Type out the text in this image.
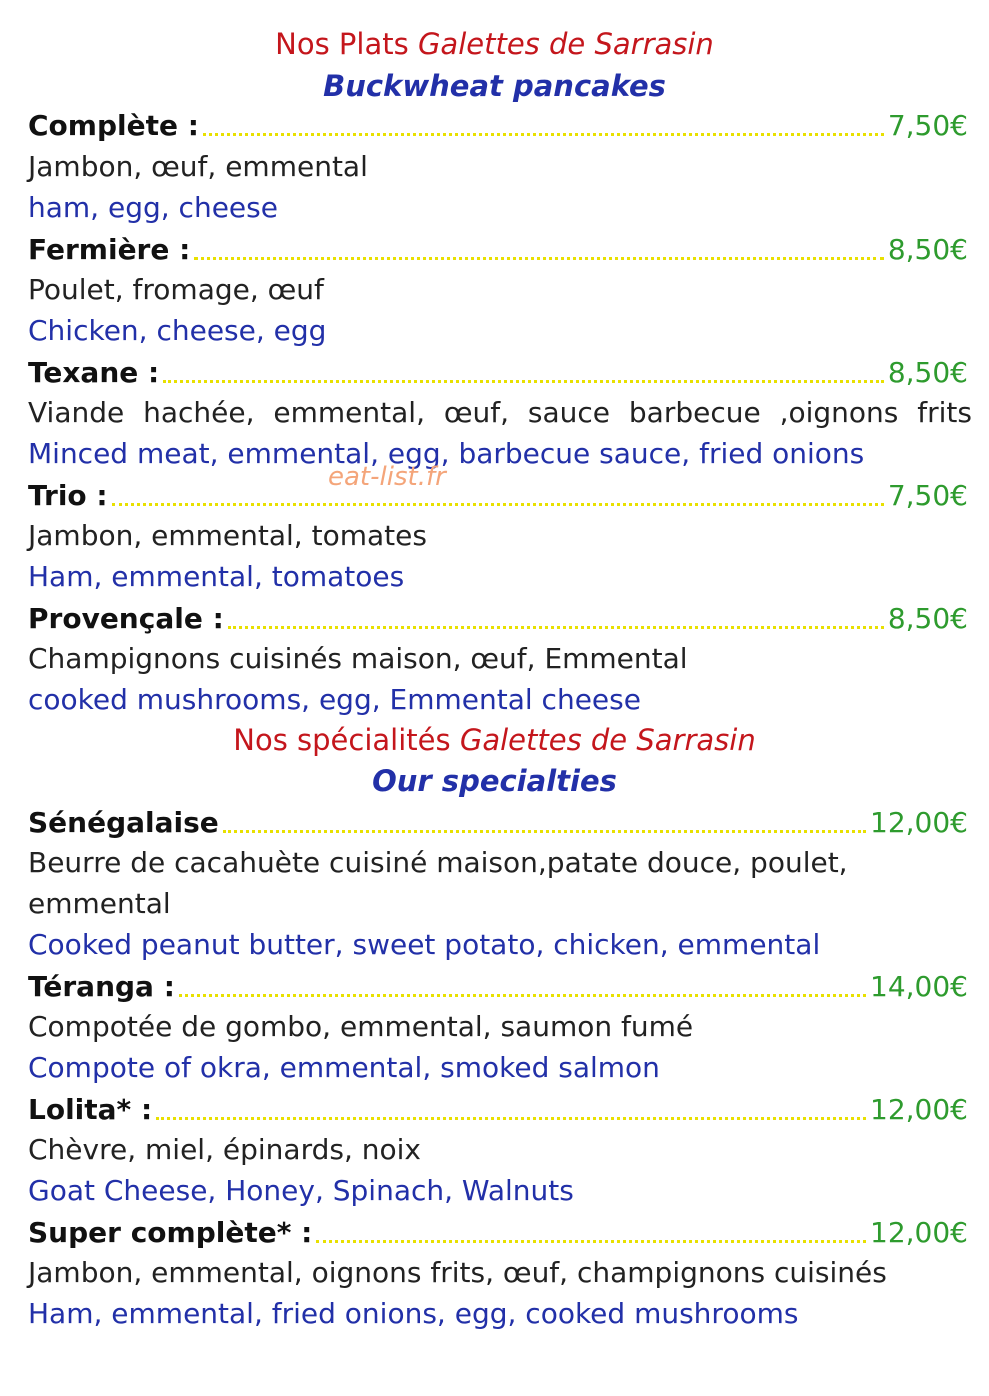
Nos Plats Galettes de Sarrasin
Buckwheat pancakes
Complète :	7,50€
Jambon, œuf, emmental
ham, egg, cheese
Fermière :	8,50€
Poulet, fromage, œuf
Chicken, cheese, egg
Texane :	8,50€
Viande hachée, emmental, œuf, sauce barbecue ,oignons frits
Minced meat, emmental, egg, barbecue sauce, fried onions
Trio :	7,50€
Jambon, emmental, tomates
Ham, emmental, tomatoes
Provençale :	8,50€
Champignons cuisinés maison, œuf, Emmental
cooked mushrooms, egg, Emmental cheese
Nos spécialités Galettes de Sarrasin
Our specialties
Sénégalaise	12,00€
Beurre de cacahuète cuisiné maison,patate douce, poulet,
emmental
Cooked peanut butter, sweet potato, chicken, emmental
Téranga :	14,00€
Compotée de gombo, emmental, saumon fumé
Compote of okra, emmental, smoked salmon
Lolita* :	12,00€
Chèvre, miel, épinards, noix
Goat Cheese, Honey, Spinach, Walnuts
Super complète* :	12,00€
Jambon, emmental, oignons frits, œuf, champignons cuisinés
Ham, emmental, fried onions, egg, cooked mushrooms
eat-list.fr
